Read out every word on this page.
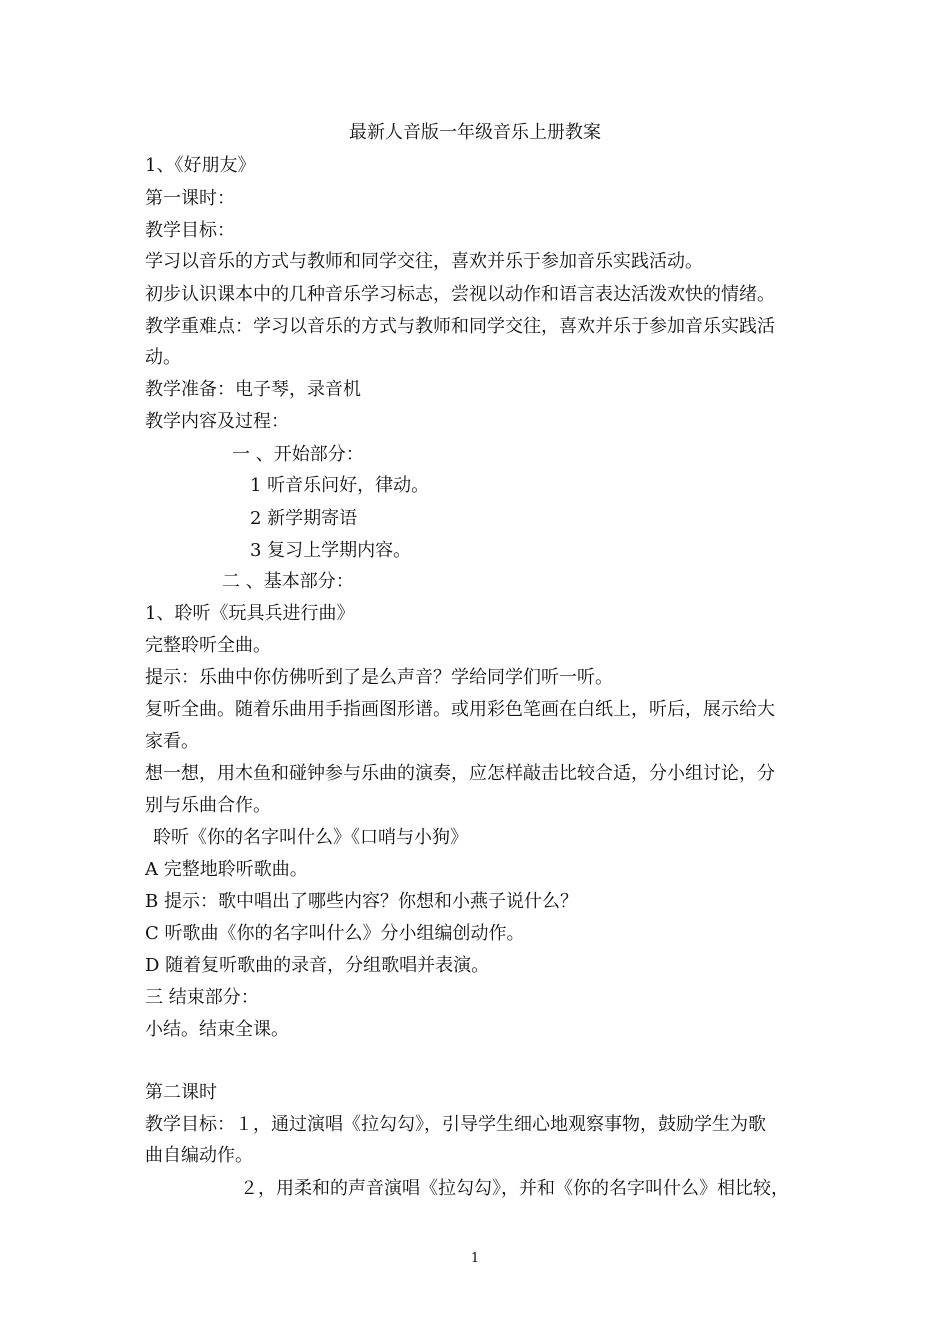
最新人音版一年级音乐上册教案
1、《好朋友》
第一课时：
教学目标：
学习以音乐的方式与教师和同学交往，喜欢并乐于参加音乐实践活动。
初步认识课本中的几种音乐学习标志，尝视以动作和语言表达活泼欢快的情绪。
教学重难点：学习以音乐的方式与教师和同学交往，喜欢并乐于参加音乐实践活
动。
教学准备：电子琴，录音机
教学内容及过程：
一 、开始部分：
1 听音乐问好，律动。
2 新学期寄语
3 复习上学期内容。
二 、基本部分：
1、聆听《玩具兵进行曲》
完整聆听全曲。
提示：乐曲中你仿佛听到了是么声音？学给同学们听一听。
复听全曲。随着乐曲用手指画图形谱。或用彩色笔画在白纸上，听后，展示给大
家看。
想一想，用木鱼和碰钟参与乐曲的演奏，应怎样敲击比较合适，分小组讨论，分
别与乐曲合作。
聆听《你的名字叫什么》《口哨与小狗》
A 完整地聆听歌曲。
B 提示：歌中唱出了哪些内容？你想和小燕子说什么？
C 听歌曲《你的名字叫什么》分小组编创动作。
D 随着复听歌曲的录音，分组歌唱并表演。
三 结束部分：
小结。结束全课。
第二课时
教学目标：１，通过演唱《拉勾勾》，引导学生细心地观察事物，鼓励学生为歌
曲自编动作。
２，用柔和的声音演唱《拉勾勾》，并和《你的名字叫什么》相比较，
1
